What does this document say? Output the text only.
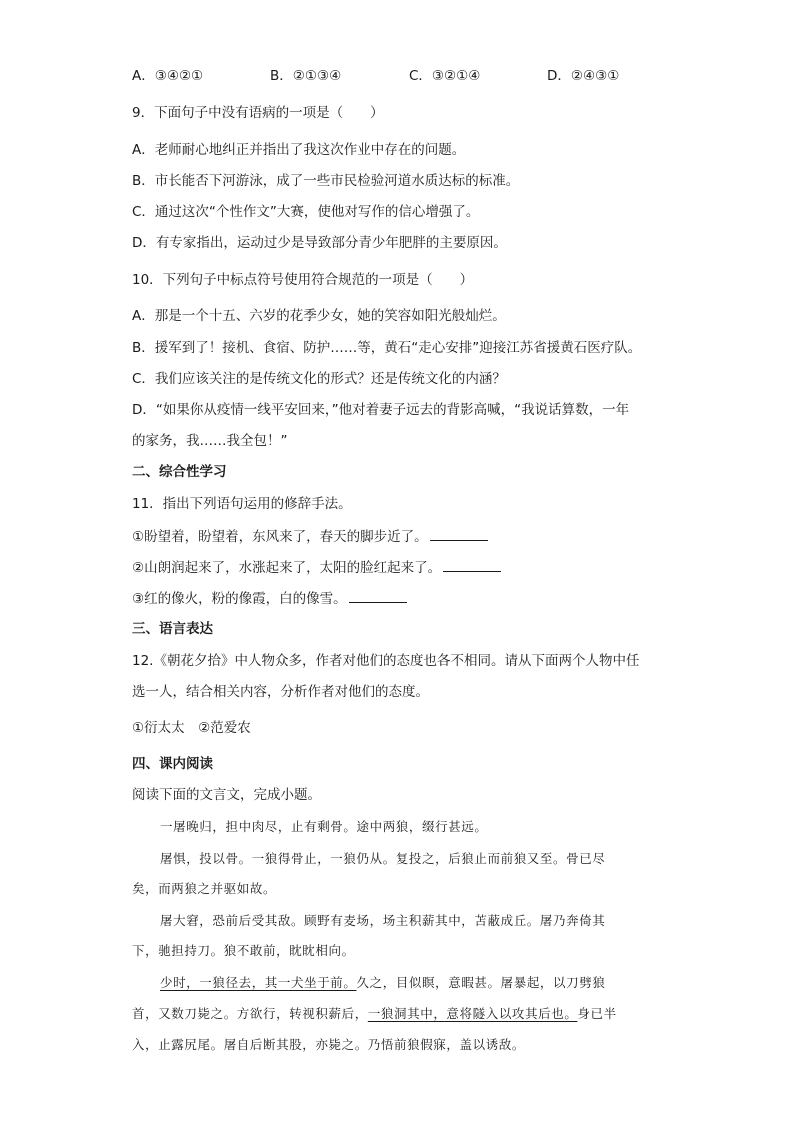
A．③④②①	B．②①③④	C．③②①④	D．②④③①
9．下面句子中没有语病的一项是（　　）
A．老师耐心地纠正并指出了我这次作业中存在的问题。
B．市长能否下河游泳，成了一些市民检验河道水质达标的标准。
C．通过这次“个性作文”大赛，使他对写作的信心增强了。
D．有专家指出，运动过少是导致部分青少年肥胖的主要原因。
10．下列句子中标点符号使用符合规范的一项是（　　）
A．那是一个十五、六岁的花季少女，她的笑容如阳光般灿烂。
B．援军到了！接机、食宿、防护……等，黄石“走心安排”迎接江苏省援黄石医疗队。
C．我们应该关注的是传统文化的形式？还是传统文化的内涵？
D．“如果你从疫情一线平安回来，”他对着妻子远去的背影高喊，“我说话算数，一年
的家务，我……我全包！”
二、综合性学习
11．指出下列语句运用的修辞手法。
①盼望着，盼望着，东风来了，春天的脚步近了。
②山朗润起来了，水涨起来了，太阳的脸红起来了。
③红的像火，粉的像霞，白的像雪。
三、语言表达
12.《朝花夕拾》中人物众多，作者对他们的态度也各不相同。请从下面两个人物中任
选一人，结合相关内容，分析作者对他们的态度。
①衍太太　②范爱农
四、课内阅读
阅读下面的文言文，完成小题。
一屠晚归，担中肉尽，止有剩骨。途中两狼，缀行甚远。
屠惧，投以骨。一狼得骨止，一狼仍从。复投之，后狼止而前狼又至。骨已尽
矣，而两狼之并驱如故。
屠大窘，恐前后受其敌。顾野有麦场，场主积薪其中，苫蔽成丘。屠乃奔倚其
下，驰担持刀。狼不敢前，眈眈相向。
少时，一狼径去，其一犬坐于前。久之，目似瞑，意暇甚。屠暴起，以刀劈狼
首，又数刀毙之。方欲行，转视积薪后，一狼洞其中，意将隧入以攻其后也。身已半
入，止露尻尾。屠自后断其股，亦毙之。乃悟前狼假寐，盖以诱敌。
